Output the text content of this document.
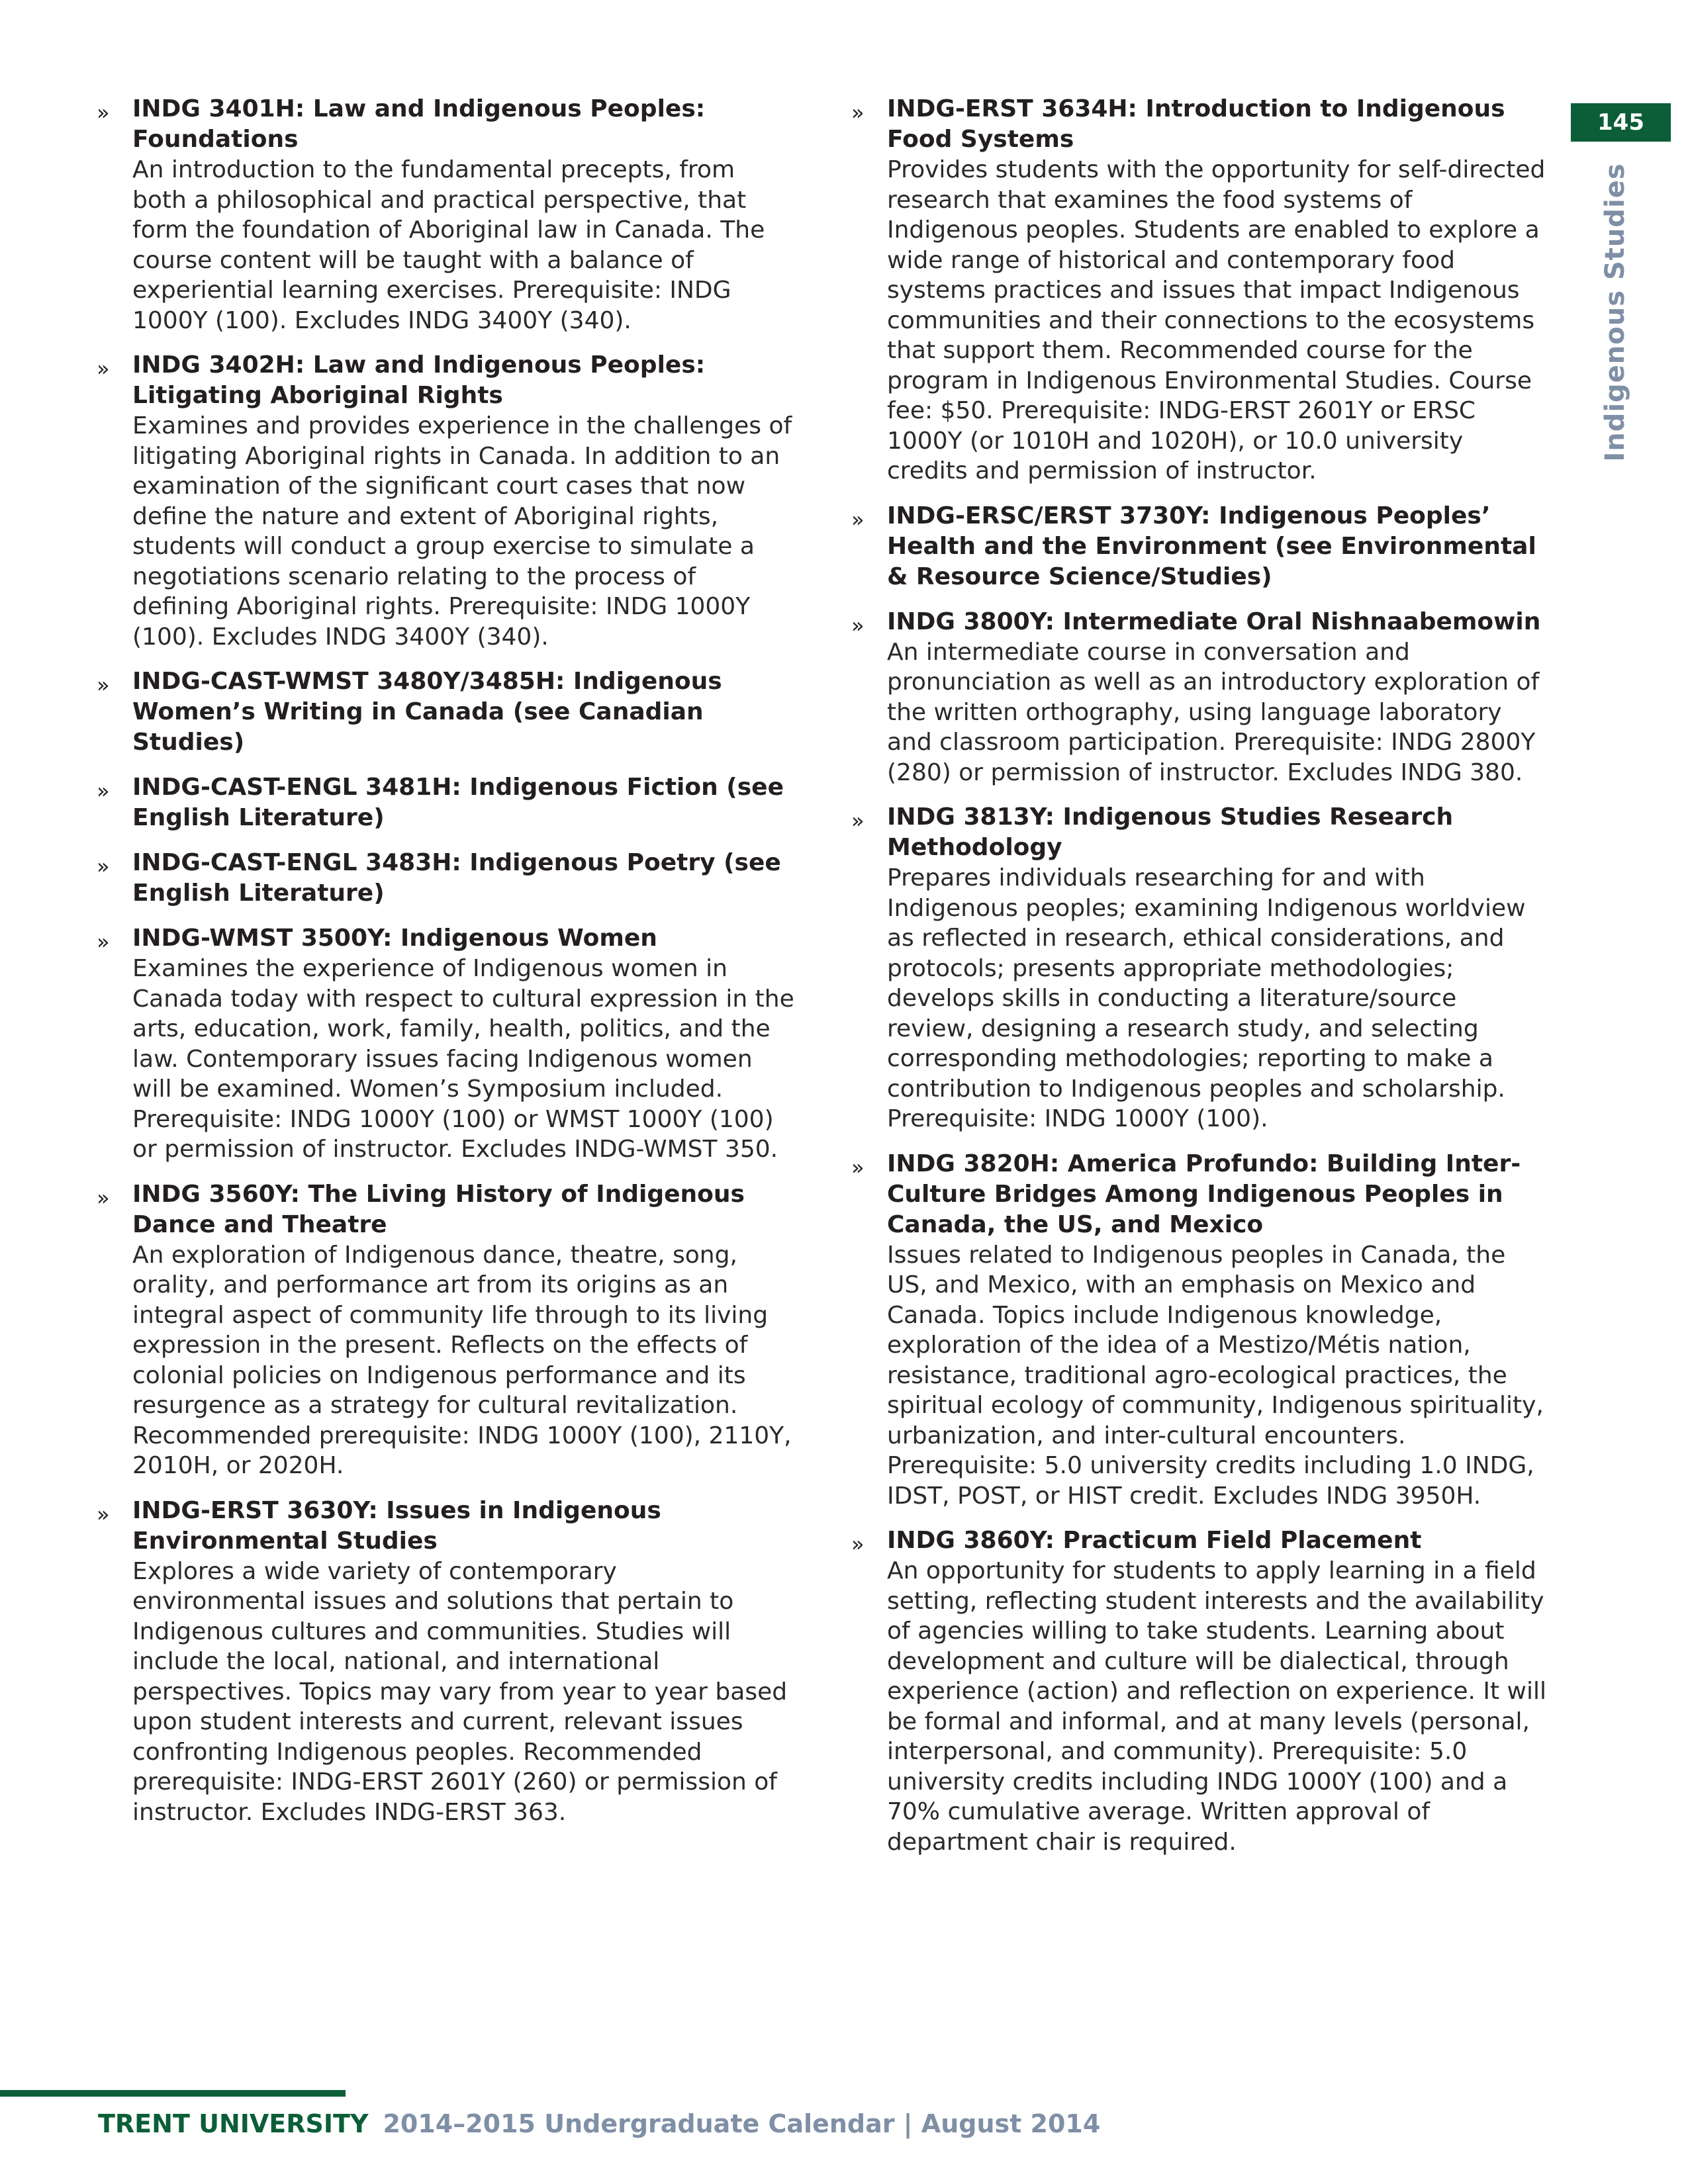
145
Indigenous Studies
» INDG 3401H: Law and Indigenous Peoples: Foundations
An introduction to the fundamental precepts, from both a philosophical and practical perspective, that form the foundation of Aboriginal law in Canada. The course content will be taught with a balance of experiential learning exercises. Prerequisite: INDG 1000Y (100). Excludes INDG 3400Y (340).
» INDG 3402H: Law and Indigenous Peoples: Litigating Aboriginal Rights
Examines and provides experience in the challenges of litigating Aboriginal rights in Canada. In addition to an examination of the significant court cases that now define the nature and extent of Aboriginal rights, students will conduct a group exercise to simulate a negotiations scenario relating to the process of defining Aboriginal rights. Prerequisite: INDG 1000Y (100). Excludes INDG 3400Y (340).
» INDG-CAST-WMST 3480Y/3485H: Indigenous Women’s Writing in Canada (see Canadian Studies)
» INDG-CAST-ENGL 3481H: Indigenous Fiction (see English Literature)
» INDG-CAST-ENGL 3483H: Indigenous Poetry (see English Literature)
» INDG-WMST 3500Y: Indigenous Women
Examines the experience of Indigenous women in Canada today with respect to cultural expression in the arts, education, work, family, health, politics, and the law. Contemporary issues facing Indigenous women will be examined. Women’s Symposium included. Prerequisite: INDG 1000Y (100) or WMST 1000Y (100) or permission of instructor. Excludes INDG-WMST 350.
» INDG 3560Y: The Living History of Indigenous Dance and Theatre
An exploration of Indigenous dance, theatre, song, orality, and performance art from its origins as an integral aspect of community life through to its living expression in the present. Reflects on the effects of colonial policies on Indigenous performance and its resurgence as a strategy for cultural revitalization. Recommended prerequisite: INDG 1000Y (100), 2110Y, 2010H, or 2020H.
» INDG-ERST 3630Y: Issues in Indigenous Environmental Studies
Explores a wide variety of contemporary environmental issues and solutions that pertain to Indigenous cultures and communities. Studies will include the local, national, and international perspectives. Topics may vary from year to year based upon student interests and current, relevant issues confronting Indigenous peoples. Recommended prerequisite: INDG-ERST 2601Y (260) or permission of instructor. Excludes INDG-ERST 363.
» INDG-ERST 3634H: Introduction to Indigenous Food Systems
Provides students with the opportunity for self-directed research that examines the food systems of Indigenous peoples. Students are enabled to explore a wide range of historical and contemporary food systems practices and issues that impact Indigenous communities and their connections to the ecosystems that support them. Recommended course for the program in Indigenous Environmental Studies. Course fee: $50. Prerequisite: INDG-ERST 2601Y or ERSC 1000Y (or 1010H and 1020H), or 10.0 university credits and permission of instructor.
» INDG-ERSC/ERST 3730Y: Indigenous Peoples’ Health and the Environment (see Environmental & Resource Science/Studies)
» INDG 3800Y: Intermediate Oral Nishnaabemowin
An intermediate course in conversation and pronunciation as well as an introductory exploration of the written orthography, using language laboratory and classroom participation. Prerequisite: INDG 2800Y (280) or permission of instructor. Excludes INDG 380.
» INDG 3813Y: Indigenous Studies Research Methodology
Prepares individuals researching for and with Indigenous peoples; examining Indigenous worldview as reflected in research, ethical considerations, and protocols; presents appropriate methodologies; develops skills in conducting a literature/source review, designing a research study, and selecting corresponding methodologies; reporting to make a contribution to Indigenous peoples and scholarship. Prerequisite: INDG 1000Y (100).
» INDG 3820H: America Profundo: Building Inter-Culture Bridges Among Indigenous Peoples in Canada, the US, and Mexico
Issues related to Indigenous peoples in Canada, the US, and Mexico, with an emphasis on Mexico and Canada. Topics include Indigenous knowledge, exploration of the idea of a Mestizo/Métis nation, resistance, traditional agro-ecological practices, the spiritual ecology of community, Indigenous spirituality, urbanization, and inter-cultural encounters. Prerequisite: 5.0 university credits including 1.0 INDG, IDST, POST, or HIST credit. Excludes INDG 3950H.
» INDG 3860Y: Practicum Field Placement
An opportunity for students to apply learning in a field setting, reflecting student interests and the availability of agencies willing to take students. Learning about development and culture will be dialectical, through experience (action) and reflection on experience. It will be formal and informal, and at many levels (personal, interpersonal, and community). Prerequisite: 5.0 university credits including INDG 1000Y (100) and a 70% cumulative average. Written approval of department chair is required.
TRENT UNIVERSITY 2014–2015 Undergraduate Calendar | August 2014
